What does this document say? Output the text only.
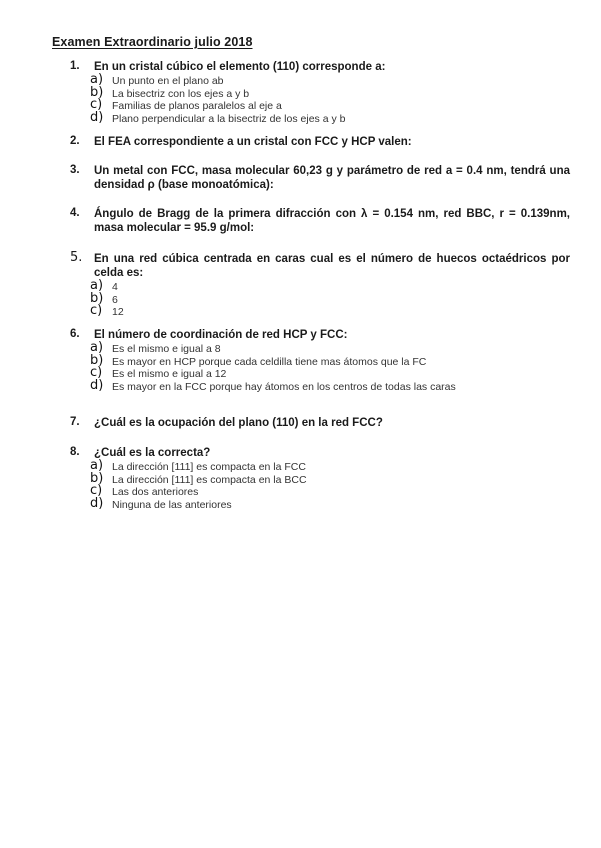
Examen Extraordinario julio 2018
1.	En un cristal cúbico el elemento (110) corresponde a:
a) Un punto en el plano ab
b) La bisectriz con los ejes a y b
c) Familias de planos paralelos al eje a
d) Plano perpendicular a la bisectriz de los ejes a y b
2.	El FEA correspondiente a un cristal con FCC y HCP valen:
3.	Un metal con FCC, masa molecular 60,23 g y parámetro de red a = 0.4 nm, tendrá una densidad ρ (base monoatómica):
4.	Ángulo de Bragg de la primera difracción con λ = 0.154 nm, red BBC, r = 0.139nm, masa molecular = 95.9 g/mol:
5.	En una red cúbica centrada en caras cual es el número de huecos octaédricos por celda es:
a) 4
b) 6
c) 12
6.	El número de coordinación de red HCP y FCC:
a) Es el mismo e igual a 8
b) Es mayor en HCP porque cada celdilla tiene mas átomos que la FC
c) Es el mismo e igual a 12
d) Es mayor en la FCC porque hay átomos en los centros de todas las caras
7.	¿Cuál es la ocupación del plano (110) en la red FCC?
8.	¿Cuál es la correcta?
a) La dirección [111] es compacta en la FCC
b) La dirección [111] es compacta en la BCC
c) Las dos anteriores
d) Ninguna de las anteriores
